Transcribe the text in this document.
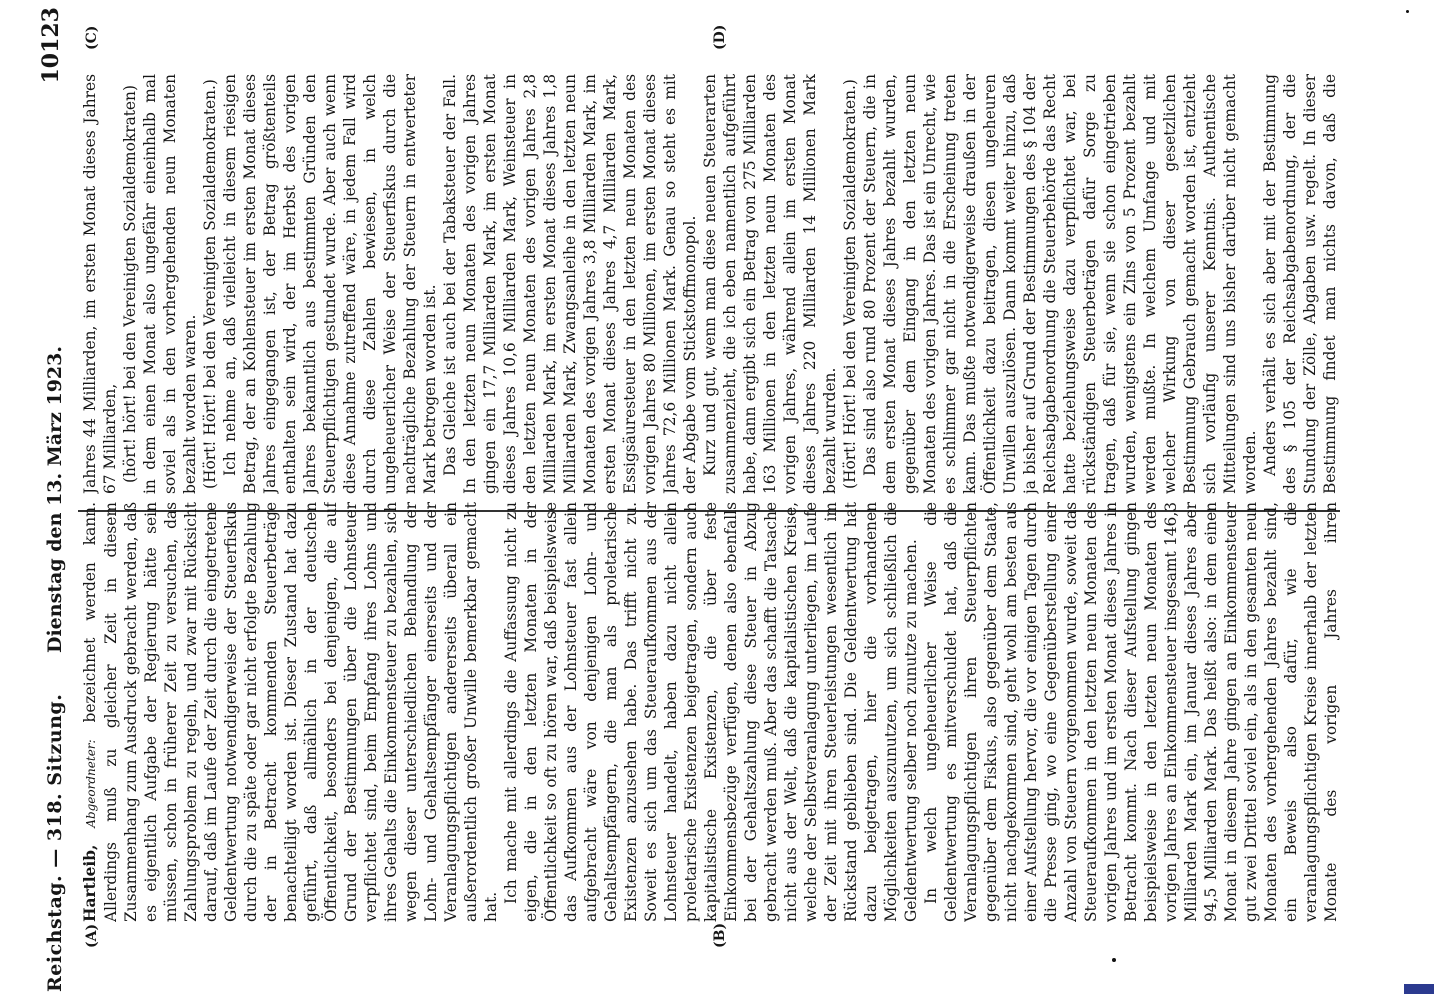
Reichstag. — 318. Sitzung.
Dienstag den 13. März 1923.
10123
(A)	(B)
(C)	(D)

Hartleib, Abgeordneter: bezeichnet werden kann. Allerdings muß zu gleicher Zeit in diesem Zusammenhang zum Ausdruck gebracht werden, daß es eigentlich Aufgabe der Regierung hätte sein müssen, schon in früherer Zeit zu versuchen, das Zahlungsproblem zu regeln, und zwar mit Rücksicht darauf, daß im Laufe der Zeit durch die eingetretene Geldentwertung notwendigerweise der Steuerfiskus durch die zu späte oder gar nicht erfolgte Bezahlung der in Betracht kommenden Steuerbeträge benachteiligt worden ist. Dieser Zustand hat dazu geführt, daß allmählich in der deutschen Öffentlichkeit, besonders bei denjenigen, die auf Grund der Bestimmungen über die Lohnsteuer verpflichtet sind, beim Empfang ihres Lohns und ihres Gehalts die Einkommensteuer zu bezahlen, sich wegen dieser unterschiedlichen Behandlung der Lohn- und Gehaltsempfänger einerseits und der Veranlagungspflichtigen andererseits überall ein außerordentlich großer Unwille bemerkbar gemacht hat.

Ich mache mit allerdings die Auffassung nicht zu eigen, die in den letzten Monaten in der Öffentlichkeit so oft zu hören war, daß beispielsweise das Aufkommen aus der Lohnsteuer fast allein aufgebracht wäre von denjenigen Lohn- und Gehaltsempfängern, die man als proletarische Existenzen anzusehen habe. Das trifft nicht zu. Soweit es sich um das Steueraufkommen aus der Lohnsteuer handelt, haben dazu nicht allein proletarische Existenzen beigetragen, sondern auch kapitalistische Existenzen, die über feste Einkommensbezüge verfügen, denen also ebenfalls bei der Gehaltszahlung diese Steuer in Abzug gebracht werden muß. Aber das schafft die Tatsache nicht aus der Welt, daß die kapitalistischen Kreise, welche der Selbstveranlagung unterliegen, im Laufe der Zeit mit ihren Steuerleistungen wesentlich im Rückstand geblieben sind. Die Geldentwertung hat dazu beigetragen, hier die vorhandenen Möglichkeiten auszunutzen, um sich schließlich die Geldentwertung selber noch zunutze zu machen. In welch ungeheuerlicher Weise die Geldentwertung es mitverschuldet hat, daß die Veranlagungspflichtigen ihren Steuerpflichten gegenüber dem Fiskus, also gegenüber dem Staate, nicht nachgekommen sind, geht wohl am besten aus einer Aufstellung hervor, die vor einigen Tagen durch die Presse ging, wo eine Gegenüberstellung einer Anzahl von Steuern vorgenommen wurde, soweit das Steueraufkommen in den letzten neun Monaten des vorigen Jahres und im ersten Monat dieses Jahres in Betracht kommt. Nach dieser Aufstellung gingen beispielsweise in den letzten neun Monaten des vorigen Jahres an Einkommensteuer insgesamt 146,3 Milliarden Mark ein, im Januar dieses Jahres aber 94,5 Milliarden Mark. Das heißt also: in dem einen Monat in diesem Jahre gingen an Einkommensteuer gut zwei Drittel soviel ein, als in den gesamten neun Monaten des vorhergehenden Jahres bezahlt sind, ein Beweis also dafür, wie die veranlagungspflichtigen Kreise innerhalb der letzten Monate des vorigen Jahres ihren

Jahres 44 Milliarden, im ersten Monat dieses Jahres 67 Milliarden, (hört! hört! bei den Vereinigten Sozialdemokraten) in dem einen Monat also ungefähr eineinhalb mal soviel als in den vorhergehenden neun Monaten bezahlt worden waren. (Hört! Hört! bei den Vereinigten Sozialdemokraten.) Ich nehme an, daß vielleicht in diesem riesigen Betrag, der an Kohlensteuer im ersten Monat dieses Jahres eingegangen ist, der Betrag größtenteils enthalten sein wird, der im Herbst des vorigen Jahres bekanntlich aus bestimmten Gründen den Steuerpflichtigen gestundet wurde. Aber auch wenn diese Annahme zutreffend wäre, in jedem Fall wird durch diese Zahlen bewiesen, in welch ungeheuerlicher Weise der Steuerfiskus durch die nachträgliche Bezahlung der Steuern in entwerteter Mark betrogen worden ist. Das Gleiche ist auch bei der Tabaksteuer der Fall. In den letzten neun Monaten des vorigen Jahres gingen ein 17,7 Milliarden Mark, im ersten Monat dieses Jahres 10,6 Milliarden Mark, Weinsteuer in den letzten neun Monaten des vorigen Jahres 2,8 Milliarden Mark, im ersten Monat dieses Jahres 1,8 Milliarden Mark, Zwangsanleihe in den letzten neun Monaten des vorigen Jahres 3,8 Milliarden Mark, im ersten Monat dieses Jahres 4,7 Milliarden Mark, Essigsäuresteuer in den letzten neun Monaten des vorigen Jahres 80 Millionen, im ersten Monat dieses Jahres 72,6 Millionen Mark. Genau so steht es mit der Abgabe vom Stickstoffmonopol. Kurz und gut, wenn man diese neuen Steuerarten zusammenzieht, die ich eben namentlich aufgeführt habe, dann ergibt sich ein Betrag von 275 Milliarden 163 Millionen in den letzten neun Monaten des vorigen Jahres, während allein im ersten Monat dieses Jahres 220 Milliarden 14 Millionen Mark bezahlt wurden. (Hört! Hört! bei den Vereinigten Sozialdemokraten.) Das sind also rund 80 Prozent der Steuern, die in dem ersten Monat dieses Jahres bezahlt wurden, gegenüber dem Eingang in den letzten neun Monaten des vorigen Jahres. Das ist ein Unrecht, wie es schlimmer gar nicht in die Erscheinung treten kann. Das mußte notwendigerweise draußen in der Öffentlichkeit dazu beitragen, diesen ungeheuren Unwillen auszulösen. Dann kommt weiter hinzu, daß ja bisher auf Grund der Bestimmungen des § 104 der Reichsabgabenordnung die Steuerbehörde das Recht hatte beziehungsweise dazu verpflichtet war, bei rückständigen Steuerbeträgen dafür Sorge zu tragen, daß für sie, wenn sie schon eingetrieben wurden, wenigstens ein Zins von 5 Prozent bezahlt werden mußte. In welchem Umfange und mit welcher Wirkung von dieser gesetzlichen Bestimmung Gebrauch gemacht worden ist, entzieht sich vorläufig unserer Kenntnis. Authentische Mitteilungen sind uns bisher darüber nicht gemacht worden. Anders verhält es sich aber mit der Bestimmung des § 105 der Reichsabgabenordnung, der die Stundung der Zölle, Abgaben usw. regelt. In dieser Bestimmung findet man nichts davon, daß die
